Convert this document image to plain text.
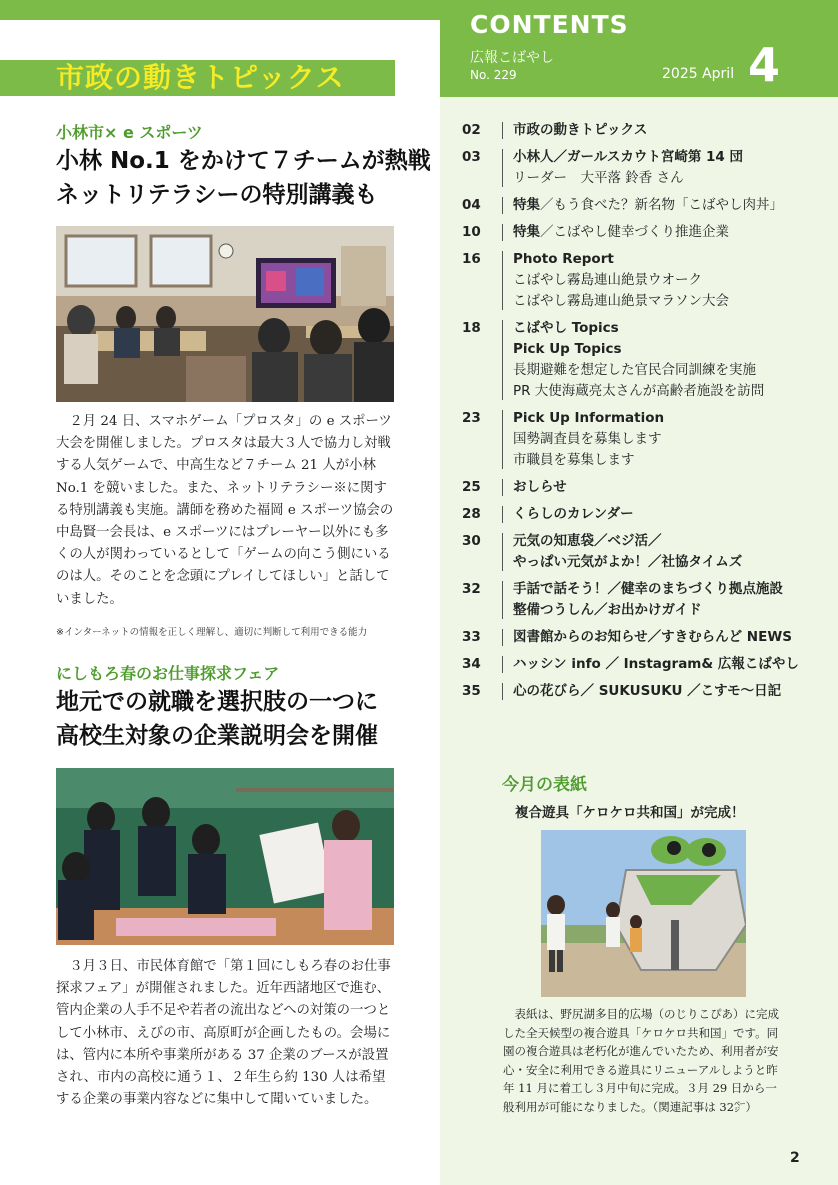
CONTENTS
広報こばやし
No. 229	2025 April 4
市政の動きトピックス
小林市× e スポーツ
小林 No.1 をかけて７チームが熱戦
ネットリテラシーの特別講義も
２月 24 日、スマホゲーム「プロスタ」の e スポーツ大会を開催しました。プロスタは最大３人で協力し対戦する人気ゲームで、中高生など７チーム 21 人が小林 No.1 を競いました。また、ネットリテラシー※に関する特別講義も実施。講師を務めた福岡 e スポーツ協会の中島賢一会長は、e スポーツにはプレーヤー以外にも多くの人が関わっているとして「ゲームの向こう側にいるのは人。そのことを念頭にプレイしてほしい」と話していました。
※インターネットの情報を正しく理解し、適切に判断して利用できる能力
にしもろ春のお仕事探求フェア
地元での就職を選択肢の一つに
高校生対象の企業説明会を開催
３月３日、市民体育館で「第１回にしもろ春のお仕事探求フェア」が開催されました。近年西諸地区で進む、管内企業の人手不足や若者の流出などへの対策の一つとして小林市、えびの市、高原町が企画したもの。会場には、管内に本所や事業所がある 37 企業のブースが設置され、市内の高校に通う１、２年生ら約 130 人は希望する企業の事業内容などに集中して聞いていました。
02	市政の動きトピックス
03	小林人／ガールスカウト宮崎第 14 団
リーダー　大平落 鈴香 さん
04	特集／もう食べた？新名物「こばやし肉丼」
10	特集／こばやし健幸づくり推進企業
16	Photo Report
こばやし霧島連山絶景ウオーク
こばやし霧島連山絶景マラソン大会
18	こばやし Topics
Pick Up Topics
長期避難を想定した官民合同訓練を実施
PR 大使海蔵亮太さんが高齢者施設を訪問
23	Pick Up Information
国勢調査員を募集します
市職員を募集します
25	おしらせ
28	くらしのカレンダー
30	元気の知恵袋／ベジ活／
やっぱい元気がよか！／社協タイムズ
32	手話で話そう！／健幸のまちづくり拠点施設
整備つうしん／お出かけガイド
33	図書館からのお知らせ／すきむらんど NEWS
34	ハッシン info ／ Instagram& 広報こばやし
35	心の花びら／ SUKUSUKU ／こすモ～日記
今月の表紙
複合遊具「ケロケロ共和国」が完成！
表紙は、野尻湖多目的広場（のじりこぴあ）に完成した全天候型の複合遊具「ケロケロ共和国」です。同園の複合遊具は老朽化が進んでいたため、利用者が安心・安全に利用できる遊具にリニューアルしようと昨年 11 月に着工し３月中旬に完成。３月 29 日から一般利用が可能になりました。（関連記事は 32㌻）
2
